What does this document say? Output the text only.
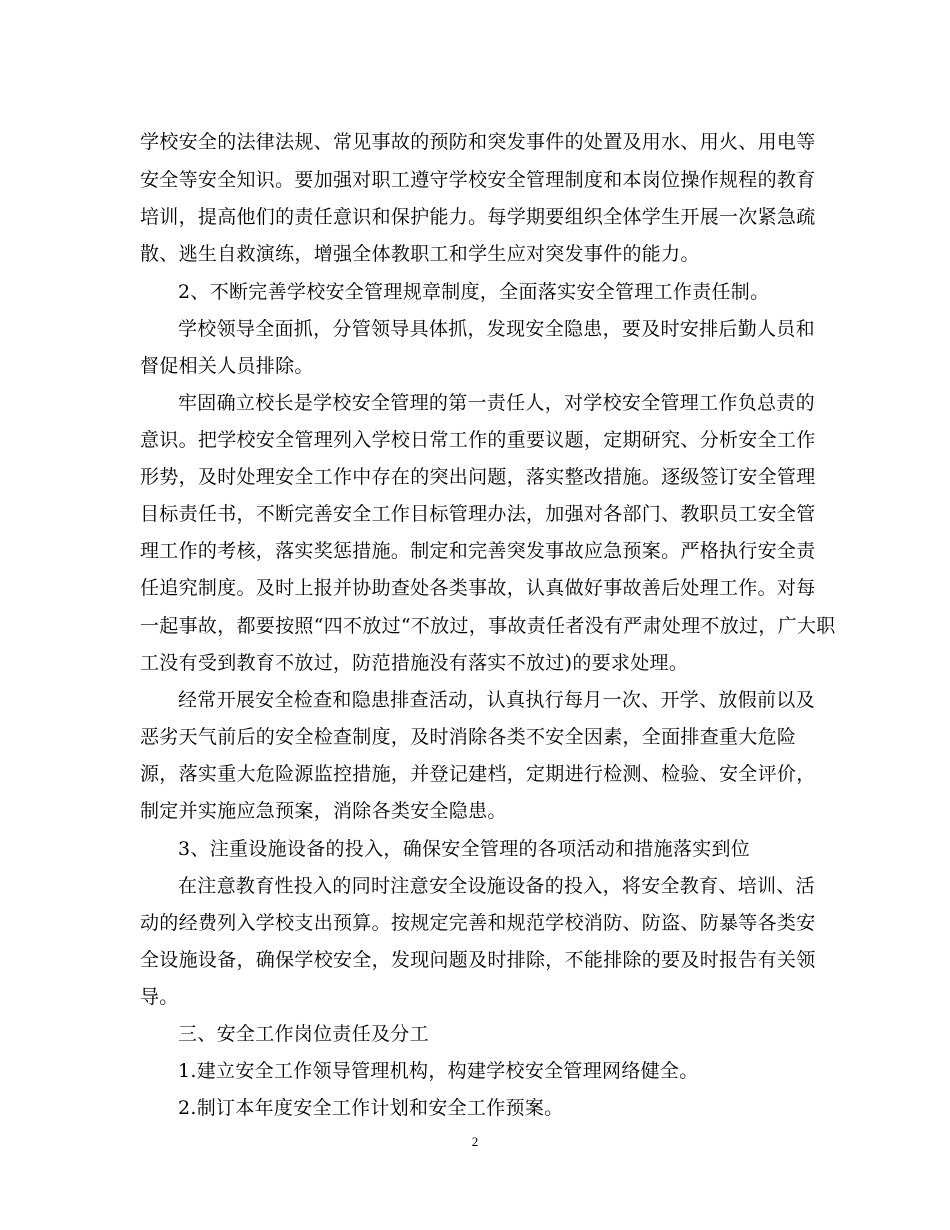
学校安全的法律法规、常见事故的预防和突发事件的处置及用水、用火、用电等
安全等安全知识。要加强对职工遵守学校安全管理制度和本岗位操作规程的教育
培训，提高他们的责任意识和保护能力。每学期要组织全体学生开展一次紧急疏
散、逃生自救演练，增强全体教职工和学生应对突发事件的能力。
2、不断完善学校安全管理规章制度，全面落实安全管理工作责任制。
学校领导全面抓，分管领导具体抓，发现安全隐患，要及时安排后勤人员和
督促相关人员排除。
牢固确立校长是学校安全管理的第一责任人，对学校安全管理工作负总责的
意识。把学校安全管理列入学校日常工作的重要议题，定期研究、分析安全工作
形势，及时处理安全工作中存在的突出问题，落实整改措施。逐级签订安全管理
目标责任书，不断完善安全工作目标管理办法，加强对各部门、教职员工安全管
理工作的考核，落实奖惩措施。制定和完善突发事故应急预案。严格执行安全责
任追究制度。及时上报并协助查处各类事故，认真做好事故善后处理工作。对每
一起事故，都要按照“四不放过“不放过，事故责任者没有严肃处理不放过，广大职
工没有受到教育不放过，防范措施没有落实不放过)的要求处理。
经常开展安全检查和隐患排查活动，认真执行每月一次、开学、放假前以及
恶劣天气前后的安全检查制度，及时消除各类不安全因素，全面排查重大危险
源，落实重大危险源监控措施，并登记建档，定期进行检测、检验、安全评价，
制定并实施应急预案，消除各类安全隐患。
3、注重设施设备的投入，确保安全管理的各项活动和措施落实到位
在注意教育性投入的同时注意安全设施设备的投入，将安全教育、培训、活
动的经费列入学校支出预算。按规定完善和规范学校消防、防盗、防暴等各类安
全设施设备，确保学校安全，发现问题及时排除，不能排除的要及时报告有关领
导。
三、安全工作岗位责任及分工
1.建立安全工作领导管理机构，构建学校安全管理网络健全。
2.制订本年度安全工作计划和安全工作预案。
2
